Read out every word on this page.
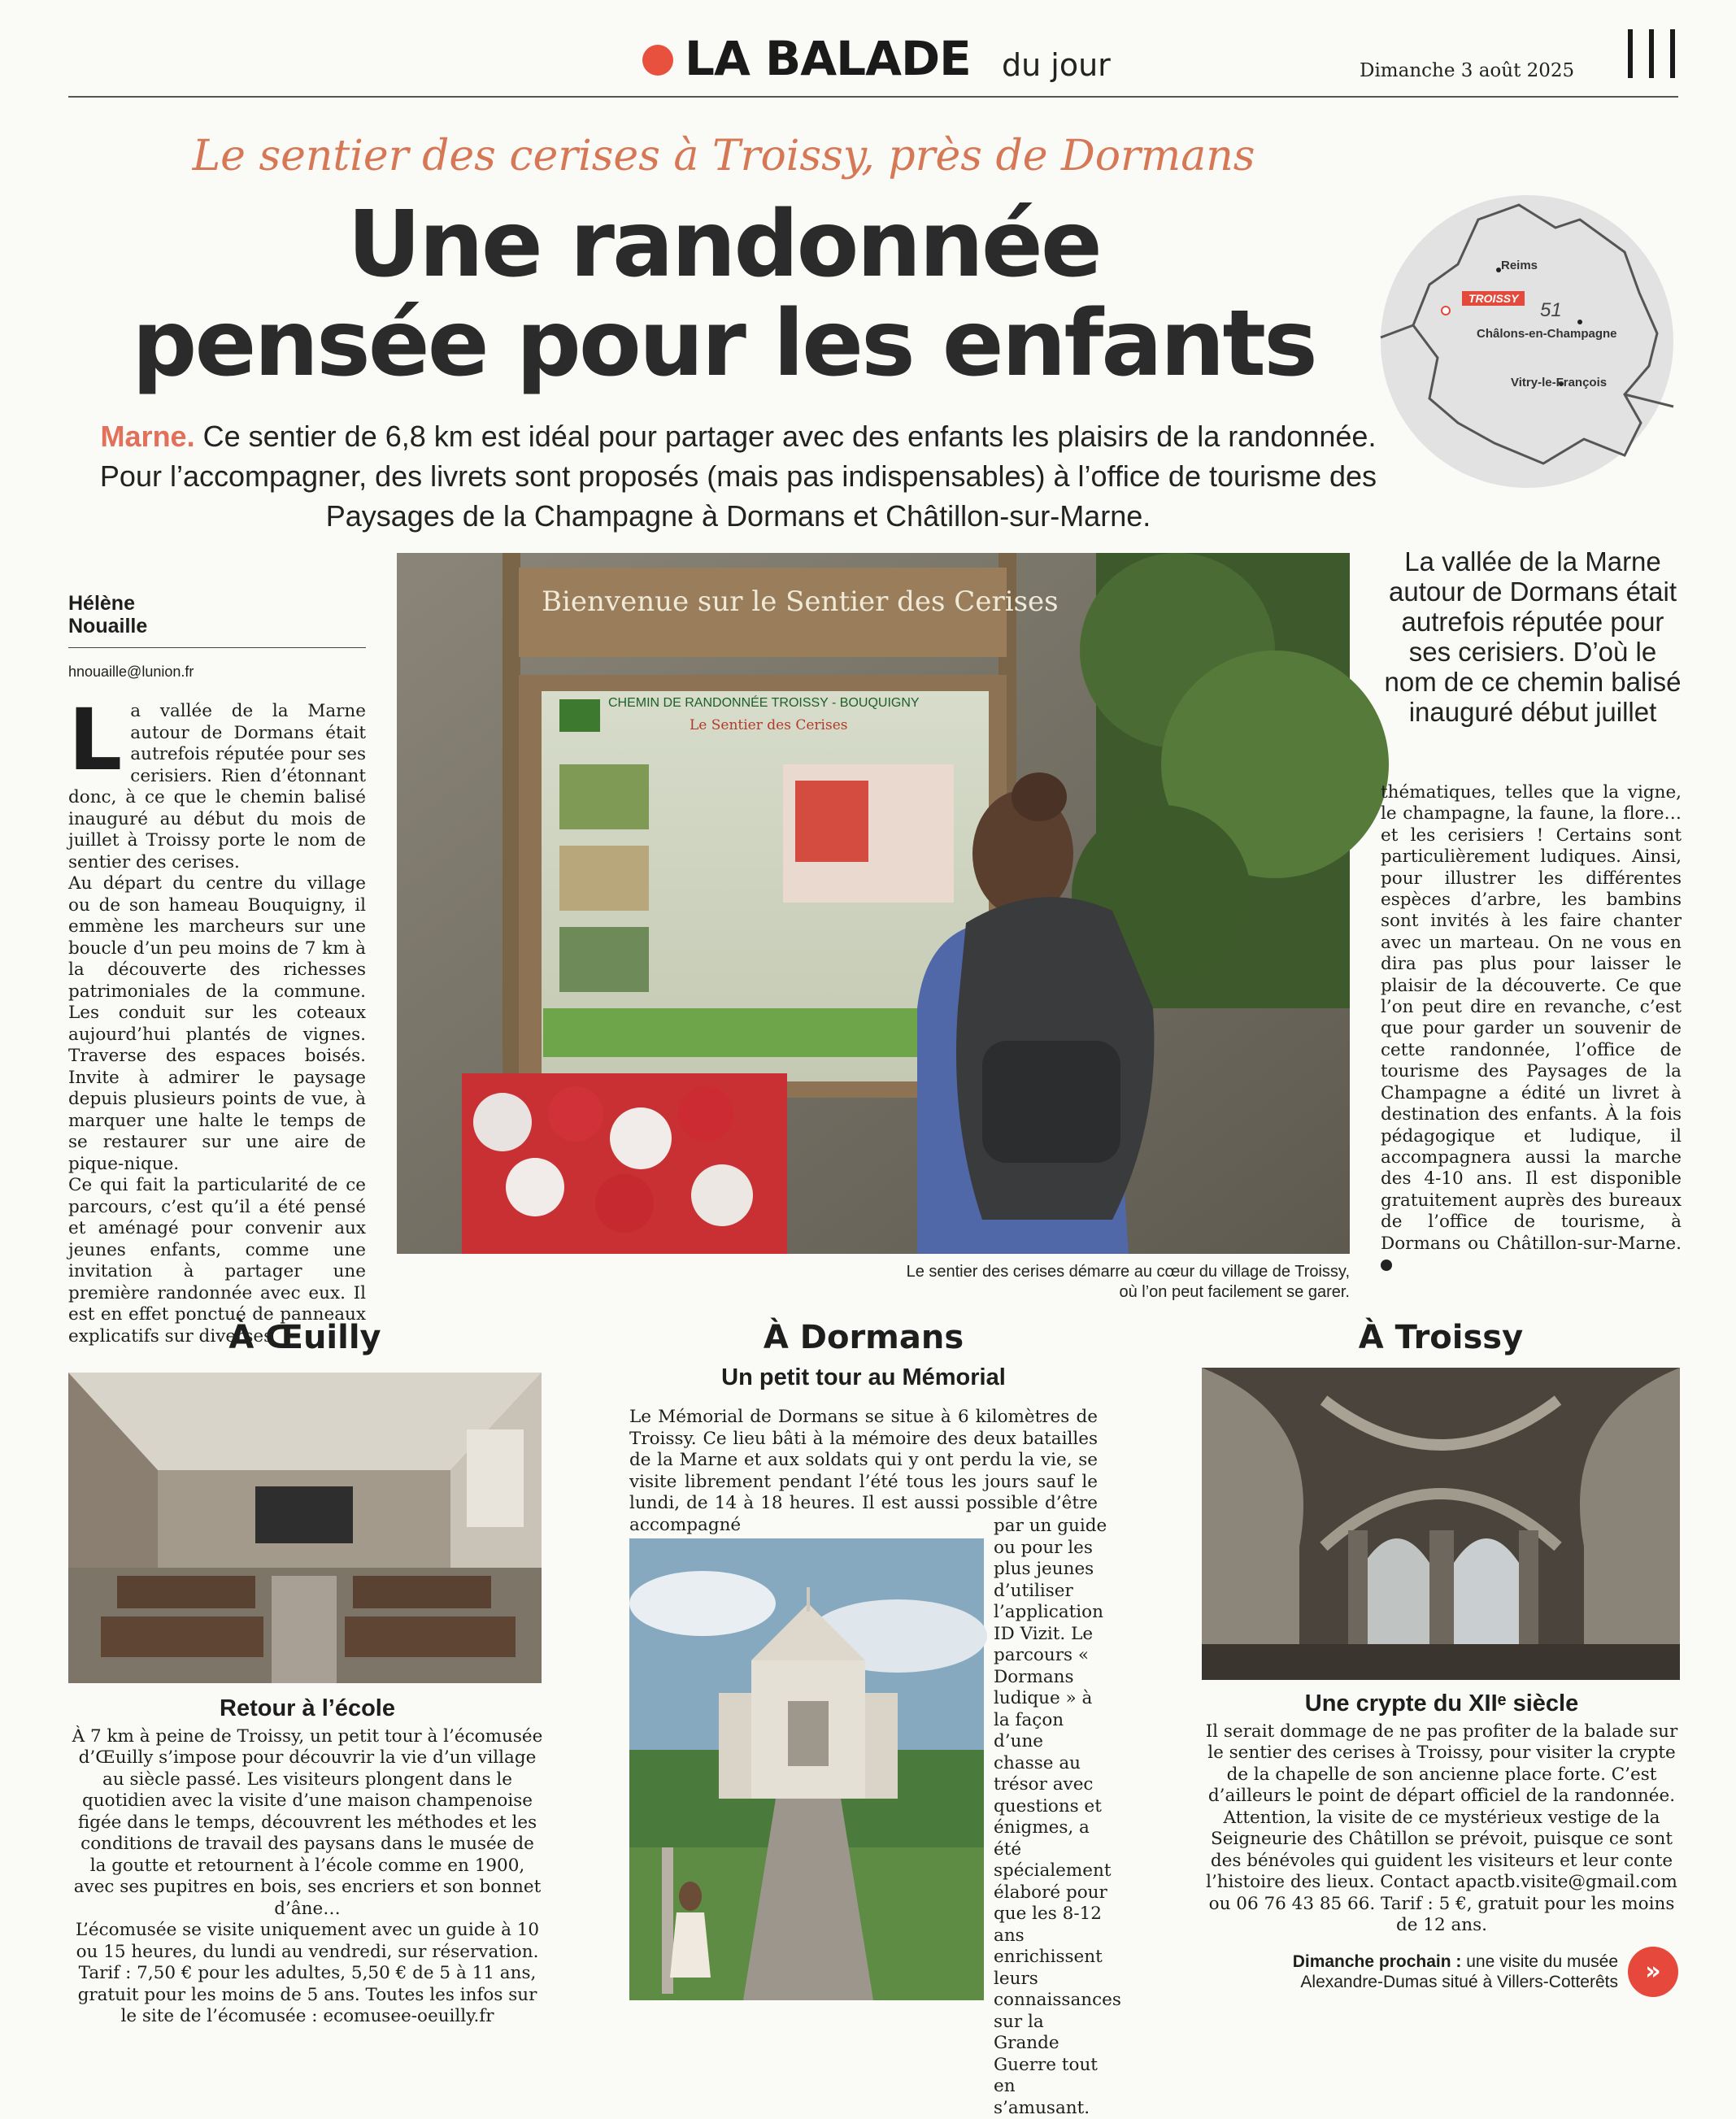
LA BALADE du jour	Dimanche 3 août 2025
Le sentier des cerises à Troissy, près de Dormans
Une randonnée
pensée pour les enfants
Marne. Ce sentier de 6,8 km est idéal pour partager avec des enfants les plaisirs de la randonnée. Pour l’accompagner, des livrets sont proposés (mais pas indispensables) à l’office de tourisme des Paysages de la Champagne à Dormans et Châtillon-sur-Marne.
Reims
TROISSY
51
Châlons-en-Champagne
Vitry-le-François
Hélène
Nouaille
hnouaille@lunion.fr

La vallée de la Marne autour de Dormans était autrefois réputée pour ses cerisiers. Rien d’étonnant donc, à ce que le chemin balisé inauguré au début du mois de juillet à Troissy porte le nom de sentier des cerises.

Au départ du centre du village ou de son hameau Bouquigny, il emmène les marcheurs sur une boucle d’un peu moins de 7 km à la découverte des richesses patrimoniales de la commune. Les conduit sur les coteaux aujourd’hui plantés de vignes. Traverse des espaces boisés. Invite à admirer le paysage depuis plusieurs points de vue, à marquer une halte le temps de se restaurer sur une aire de pique-nique.

Ce qui fait la particularité de ce parcours, c’est qu’il a été pensé et aménagé pour convenir aux jeunes enfants, comme une invitation à partager une première randonnée avec eux. Il est en effet ponctué de panneaux explicatifs sur diverses

Bienvenue sur le Sentier des Cerises
CHEMIN DE RANDONNÉE TROISSY - BOUQUIGNY
Le Sentier des Cerises
Le sentier des cerises démarre au cœur du village de Troissy,
où l’on peut facilement se garer.
La vallée de la Marne autour de Dormans était autrefois réputée pour ses cerisiers. D’où le nom de ce chemin balisé inauguré début juillet
thématiques, telles que la vigne, le champagne, la faune, la flore… et les cerisiers ! Certains sont particulièrement ludiques. Ainsi, pour illustrer les différentes espèces d’arbre, les bambins sont invités à les faire chanter avec un marteau. On ne vous en dira pas plus pour laisser le plaisir de la découverte. Ce que l’on peut dire en revanche, c’est que pour garder un souvenir de cette randonnée, l’office de tourisme des Paysages de la Champagne a édité un livret à destination des enfants. À la fois pédagogique et ludique, il accompagnera aussi la marche des 4-10 ans. Il est disponible gratuitement auprès des bureaux de l’office de tourisme, à Dormans ou Châtillon-sur-Marne.
À Œuilly
Retour à l’école
À 7 km à peine de Troissy, un petit tour à l’écomusée d’Œuilly s’impose pour découvrir la vie d’un village au siècle passé. Les visiteurs plongent dans le quotidien avec la visite d’une maison champenoise figée dans le temps, découvrent les méthodes et les conditions de travail des paysans dans le musée de la goutte et retournent à l’école comme en 1900, avec ses pupitres en bois, ses encriers et son bonnet d’âne…
L’écomusée se visite uniquement avec un guide à 10 ou 15 heures, du lundi au vendredi, sur réservation. Tarif : 7,50 € pour les adultes, 5,50 € de 5 à 11 ans, gratuit pour les moins de 5 ans. Toutes les infos sur le site de l’écomusée : ecomusee-oeuilly.fr
À Dormans
Un petit tour au Mémorial
Le Mémorial de Dormans se situe à 6 kilomètres de Troissy. Ce lieu bâti à la mémoire des deux batailles de la Marne et aux soldats qui y ont perdu la vie, se visite librement pendant l’été tous les jours sauf le lundi, de 14 à 18 heures. Il est aussi possible d’être accompagné	par un guide ou pour les plus jeunes d’utiliser l’application ID Vizit. Le parcours « Dormans ludique » à la façon d’une chasse au trésor avec questions et énigmes, a été spécialement élaboré pour que les 8-12 ans enrichissent leurs connaissances sur la Grande Guerre tout en s’amusant.
À Troissy
Une crypte du XIIᵉ siècle
Il serait dommage de ne pas profiter de la balade sur le sentier des cerises à Troissy, pour visiter la crypte de la chapelle de son ancienne place forte. C’est d’ailleurs le point de départ officiel de la randonnée. Attention, la visite de ce mystérieux vestige de la Seigneurie des Châtillon se prévoit, puisque ce sont des bénévoles qui guident les visiteurs et leur conte l’histoire des lieux. Contact apactb.visite@gmail.com ou 06 76 43 85 66. Tarif : 5 €, gratuit pour les moins de 12 ans.
Dimanche prochain : une visite du musée Alexandre-Dumas situé à Villers-Cotterêts	»
